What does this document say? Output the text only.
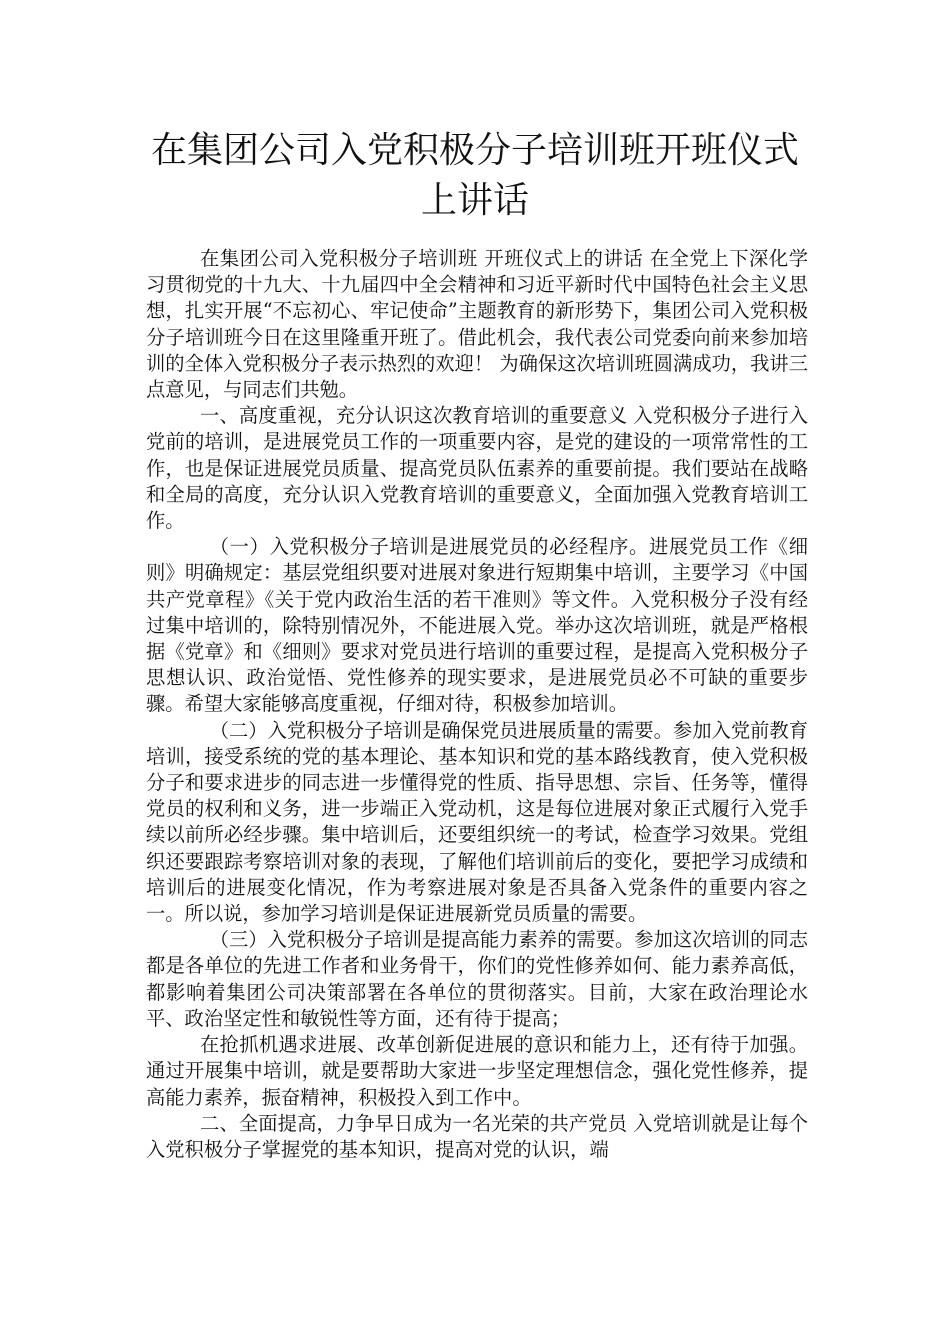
在集团公司入党积极分子培训班开班仪式
上讲话

在集团公司入党积极分子培训班 开班仪式上的讲话 在全党上下深化学习贯彻党的十九大、十九届四中全会精神和习近平新时代中国特色社会主义思想，扎实开展“不忘初心、牢记使命”主题教育的新形势下，集团公司入党积极分子培训班今日在这里隆重开班了。借此机会，我代表公司党委向前来参加培训的全体入党积极分子表示热烈的欢迎！ 为确保这次培训班圆满成功，我讲三点意见，与同志们共勉。

一、高度重视，充分认识这次教育培训的重要意义 入党积极分子进行入党前的培训，是进展党员工作的一项重要内容，是党的建设的一项常常性的工作，也是保证进展党员质量、提高党员队伍素养的重要前提。我们要站在战略和全局的高度，充分认识入党教育培训的重要意义，全面加强入党教育培训工作。

（一）入党积极分子培训是进展党员的必经程序。进展党员工作《细则》明确规定：基层党组织要对进展对象进行短期集中培训，主要学习《中国共产党章程》《关于党内政治生活的若干准则》等文件。入党积极分子没有经过集中培训的，除特别情况外，不能进展入党。举办这次培训班，就是严格根据《党章》和《细则》要求对党员进行培训的重要过程，是提高入党积极分子思想认识、政治觉悟、党性修养的现实要求，是进展党员必不可缺的重要步骤。希望大家能够高度重视，仔细对待，积极参加培训。

（二）入党积极分子培训是确保党员进展质量的需要。参加入党前教育培训，接受系统的党的基本理论、基本知识和党的基本路线教育，使入党积极分子和要求进步的同志进一步懂得党的性质、指导思想、宗旨、任务等，懂得党员的权利和义务，进一步端正入党动机，这是每位进展对象正式履行入党手续以前所必经步骤。集中培训后，还要组织统一的考试，检查学习效果。党组织还要跟踪考察培训对象的表现，了解他们培训前后的变化，要把学习成绩和培训后的进展变化情况，作为考察进展对象是否具备入党条件的重要内容之一。所以说，参加学习培训是保证进展新党员质量的需要。

（三）入党积极分子培训是提高能力素养的需要。参加这次培训的同志都是各单位的先进工作者和业务骨干，你们的党性修养如何、能力素养高低，都影响着集团公司决策部署在各单位的贯彻落实。目前，大家在政治理论水平、政治坚定性和敏锐性等方面，还有待于提高；

在抢抓机遇求进展、改革创新促进展的意识和能力上，还有待于加强。通过开展集中培训，就是要帮助大家进一步坚定理想信念，强化党性修养，提高能力素养，振奋精神，积极投入到工作中。

二、全面提高，力争早日成为一名光荣的共产党员 入党培训就是让每个入党积极分子掌握党的基本知识，提高对党的认识，端
